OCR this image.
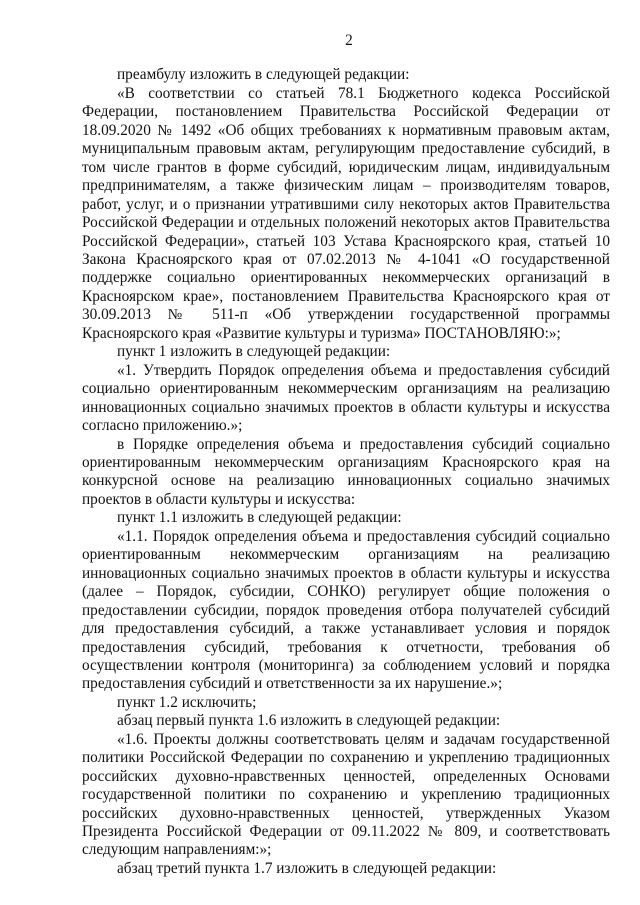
2

преамбулу изложить в следующей редакции:

«В соответствии со статьей 78.1 Бюджетного кодекса Российской Федерации, постановлением Правительства Российской Федерации от 18.09.2020 № 1492 «Об общих требованиях к нормативным правовым актам, муниципальным правовым актам, регулирующим предоставление субсидий, в том числе грантов в форме субсидий, юридическим лицам, индивидуальным предпринимателям, а также физическим лицам – производителям товаров, работ, услуг, и о признании утратившими силу некоторых актов Правительства Российской Федерации и отдельных положений некоторых актов Правительства Российской Федерации», статьей 103 Устава Красноярского края, статьей 10 Закона Красноярского края от 07.02.2013 № 4-1041 «О государственной поддержке социально ориентированных некоммерческих организаций в Красноярском крае», постановлением Правительства Красноярского края от 30.09.2013 № 511-п «Об утверждении государственной программы Красноярского края «Развитие культуры и туризма» ПОСТАНОВЛЯЮ:»;

пункт 1 изложить в следующей редакции:

«1. Утвердить Порядок определения объема и предоставления субсидий социально ориентированным некоммерческим организациям на реализацию инновационных социально значимых проектов в области культуры и искусства согласно приложению.»;

в Порядке определения объема и предоставления субсидий социально ориентированным некоммерческим организациям Красноярского края на конкурсной основе на реализацию инновационных социально значимых проектов в области культуры и искусства:

пункт 1.1 изложить в следующей редакции:

«1.1. Порядок определения объема и предоставления субсидий социально ориентированным некоммерческим организациям на реализацию инновационных социально значимых проектов в области культуры и искусства (далее – Порядок, субсидии, СОНКО) регулирует общие положения о предоставлении субсидии, порядок проведения отбора получателей субсидий для предоставления субсидий, а также устанавливает условия и порядок предоставления субсидий, требования к отчетности, требования об осуществлении контроля (мониторинга) за соблюдением условий и порядка предоставления субсидий и ответственности за их нарушение.»;

пункт 1.2 исключить;

абзац первый пункта 1.6 изложить в следующей редакции:

«1.6. Проекты должны соответствовать целям и задачам государственной политики Российской Федерации по сохранению и укреплению традиционных российских духовно-нравственных ценностей, определенных Основами государственной политики по сохранению и укреплению традиционных российских духовно-нравственных ценностей, утвержденных Указом Президента Российской Федерации от 09.11.2022 № 809, и соответствовать следующим направлениям:»;

абзац третий пункта 1.7 изложить в следующей редакции:
